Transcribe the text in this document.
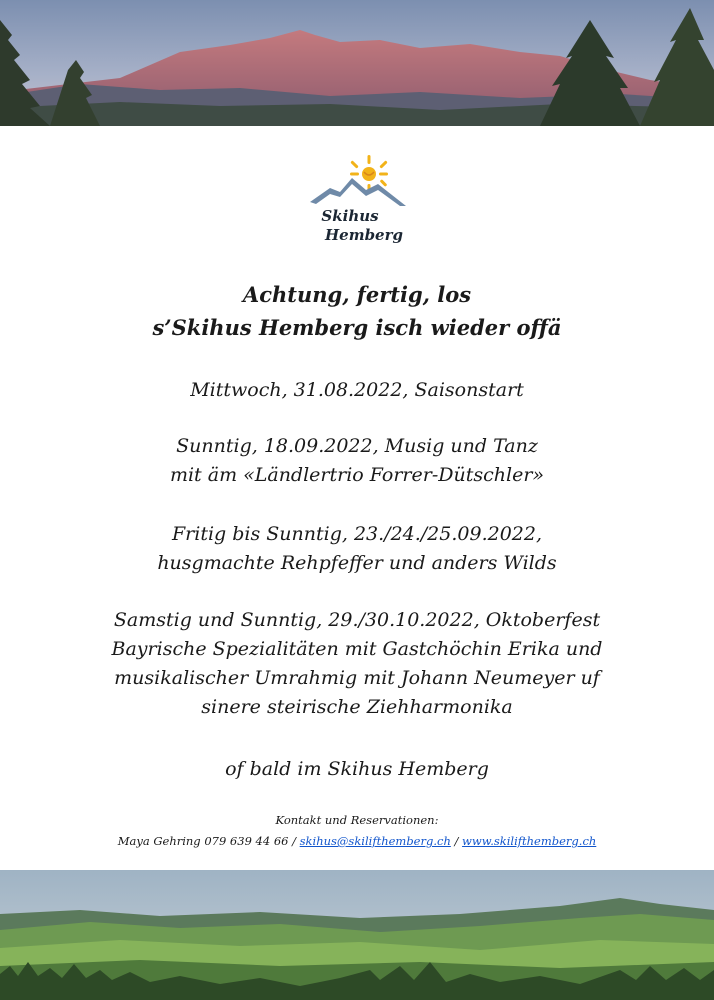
Skihus
Hemberg
Achtung, fertig, los
s’Skihus Hemberg isch wieder offä

Mittwoch, 31.08.2022, Saisonstart

Sunntig, 18.09.2022, Musig und Tanz

mit äm «Ländlertrio Forrer-Dütschler»

Fritig bis Sunntig, 23./24./25.09.2022,

husgmachte Rehpfeffer und anders Wilds

Samstig und Sunntig, 29./30.10.2022, Oktoberfest

Bayrische Spezialitäten mit Gastchöchin Erika und

musikalischer Umrahmig mit Johann Neumeyer uf

sinere steirische Ziehharmonika

of bald im Skihus Hemberg

Kontakt und Reservationen:
Maya Gehring 079 639 44 66 / skihus@skilifthemberg.ch / www.skilifthemberg.ch
